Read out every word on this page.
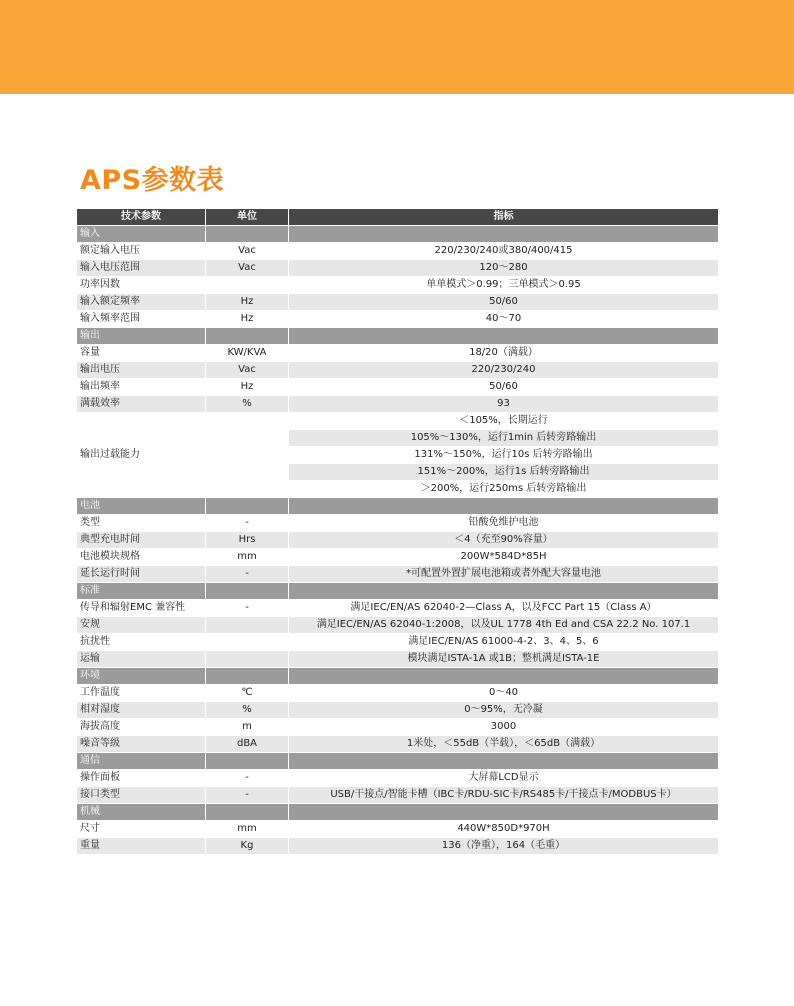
APS参数表
技术参数	单位	指标
输入		
额定输入电压	Vac	220/230/240或380/400/415
输入电压范围	Vac	120～280
功率因数		单单模式＞0.99；三单模式＞0.95
输入额定频率	Hz	50/60
输入频率范围	Hz	40～70
输出		
容量	KW/KVA	18/20（满载）
输出电压	Vac	220/230/240
输出频率	Hz	50/60
满载效率	%	93
输出过载能力		＜105%，长期运行
		105%～130%，运行1min 后转旁路输出
		131%～150%，运行10s 后转旁路输出
		151%～200%，运行1s 后转旁路输出
		＞200%，运行250ms 后转旁路输出
电池		
类型	-	铅酸免维护电池
典型充电时间	Hrs	＜4（充至90%容量）
电池模块规格	mm	200W*584D*85H
延长运行时间	-	*可配置外置扩展电池箱或者外配大容量电池
标准		
传导和辐射EMC 兼容性	-	满足IEC/EN/AS 62040-2—Class A，以及FCC Part 15（Class A）
安规		满足IEC/EN/AS 62040-1:2008，以及UL 1778 4th Ed and CSA 22.2 No. 107.1
抗扰性		满足IEC/EN/AS 61000-4-2、3、4、5、6
运输		模块满足ISTA-1A 或1B；整机满足ISTA-1E
环境		
工作温度	℃	0～40
相对湿度	%	0～95%，无冷凝
海拔高度	m	3000
噪音等级	dBA	1米处，＜55dB（半载），＜65dB（满载）
通信		
操作面板	-	大屏幕LCD显示
接口类型	-	USB/干接点/智能卡槽（IBC卡/RDU-SIC卡/RS485卡/干接点卡/MODBUS卡）
机械		
尺寸	mm	440W*850D*970H
重量	Kg	136（净重），164（毛重）
